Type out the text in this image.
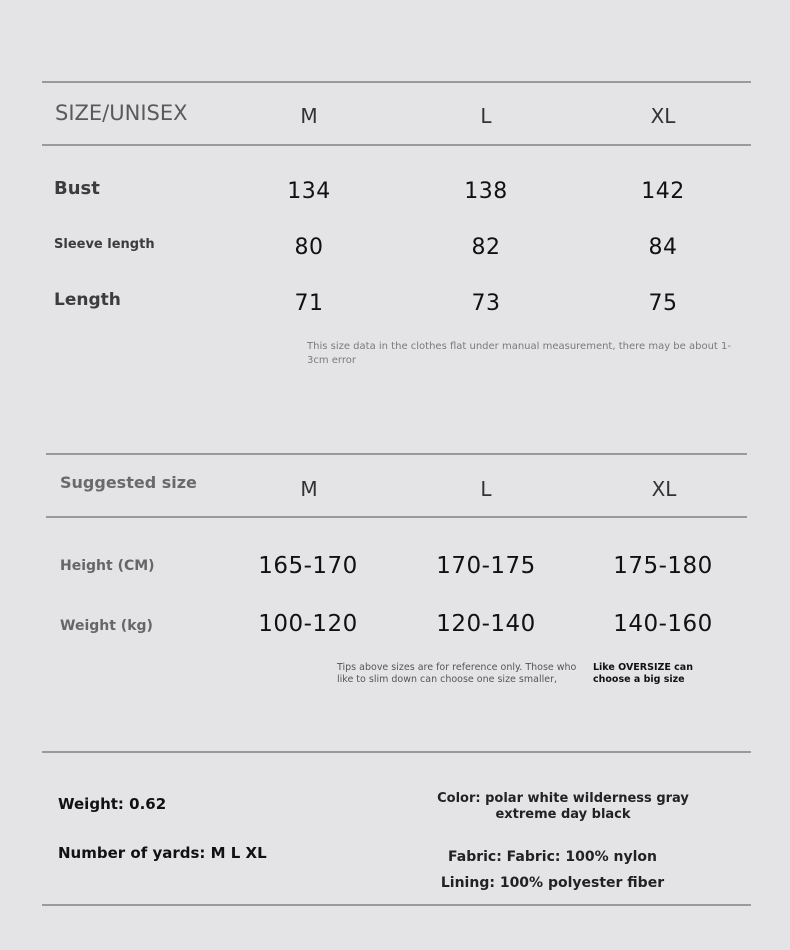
SIZE/UNISEX	M	L	XL
Bust	134	138	142
Sleeve length	80	82	84
Length	71	73	75
This size data in the clothes flat under manual measurement, there may be about 1-3cm error
Suggested size	M	L	XL
Height (CM)	165-170	170-175	175-180
Weight (kg)	100-120	120-140	140-160
Tips above sizes are for reference only. Those who like to slim down can choose one size smaller,
Like OVERSIZE can choose a big size
Weight: 0.62
Number of yards: M L XL
Color: polar white wilderness gray extreme day black
Fabric: Fabric: 100% nylon Lining: 100% polyester fiber
